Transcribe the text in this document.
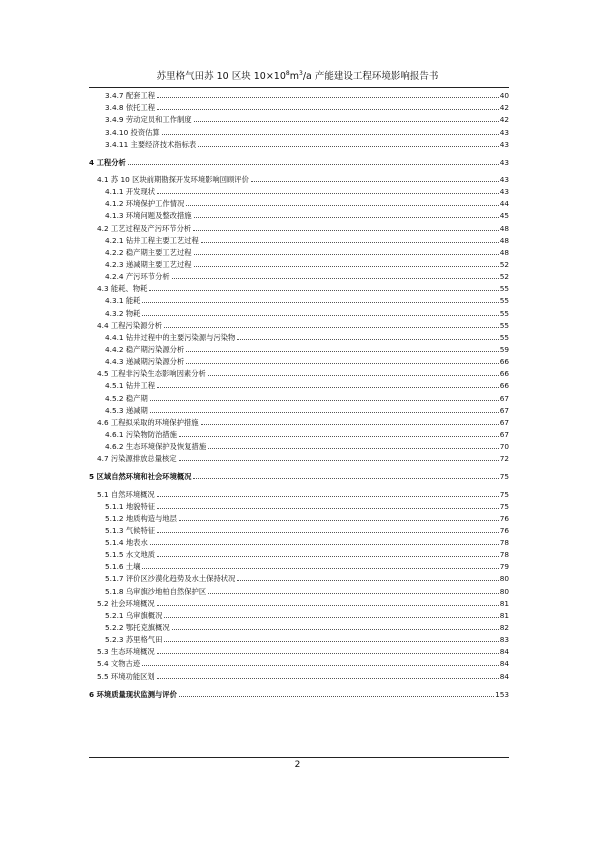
苏里格气田苏 10 区块 $10\times 10^8m^3/a$ 产能建设工程环境影响报告书
3.4.7 配套工程	40
3.4.8 依托工程	42
3.4.9 劳动定员和工作制度	42
3.4.10 投资估算	43
3.4.11 主要经济技术指标表	43
4 工程分析	43
4.1 苏 10 区块前期勘探开发环境影响回顾评价	43
4.1.1 开发现状	43
4.1.2 环境保护工作情况	44
4.1.3 环境问题及整改措施	45
4.2 工艺过程及产污环节分析	48
4.2.1 钻井工程主要工艺过程	48
4.2.2 稳产期主要工艺过程	48
4.2.3 递减期主要工艺过程	52
4.2.4 产污环节分析	52
4.3 能耗、物耗	55
4.3.1 能耗	55
4.3.2 物耗	55
4.4 工程污染源分析	55
4.4.1 钻井过程中的主要污染源与污染物	55
4.4.2 稳产期污染源分析	59
4.4.3 递减期污染源分析	66
4.5 工程非污染生态影响因素分析	66
4.5.1 钻井工程	66
4.5.2 稳产期	67
4.5.3 递减期	67
4.6 工程拟采取的环境保护措施	67
4.6.1 污染物防治措施	67
4.6.2 生态环境保护及恢复措施	70
4.7 污染源排放总量核定	72
5 区域自然环境和社会环境概况	75
5.1 自然环境概况	75
5.1.1 地貌特征	75
5.1.2 地质构造与地层	76
5.1.3 气候特征	76
5.1.4 地表水	78
5.1.5 水文地质	78
5.1.6 土壤	79
5.1.7 评价区沙漠化趋势及水土保持状况	80
5.1.8 乌审旗沙地柏自然保护区	80
5.2 社会环境概况	81
5.2.1 乌审旗概况	81
5.2.2 鄂托克旗概况	82
5.2.3 苏里格气田	83
5.3 生态环境概况	84
5.4 文物古迹	84
5.5 环境功能区划	84
6 环境质量现状监测与评价	153
2
